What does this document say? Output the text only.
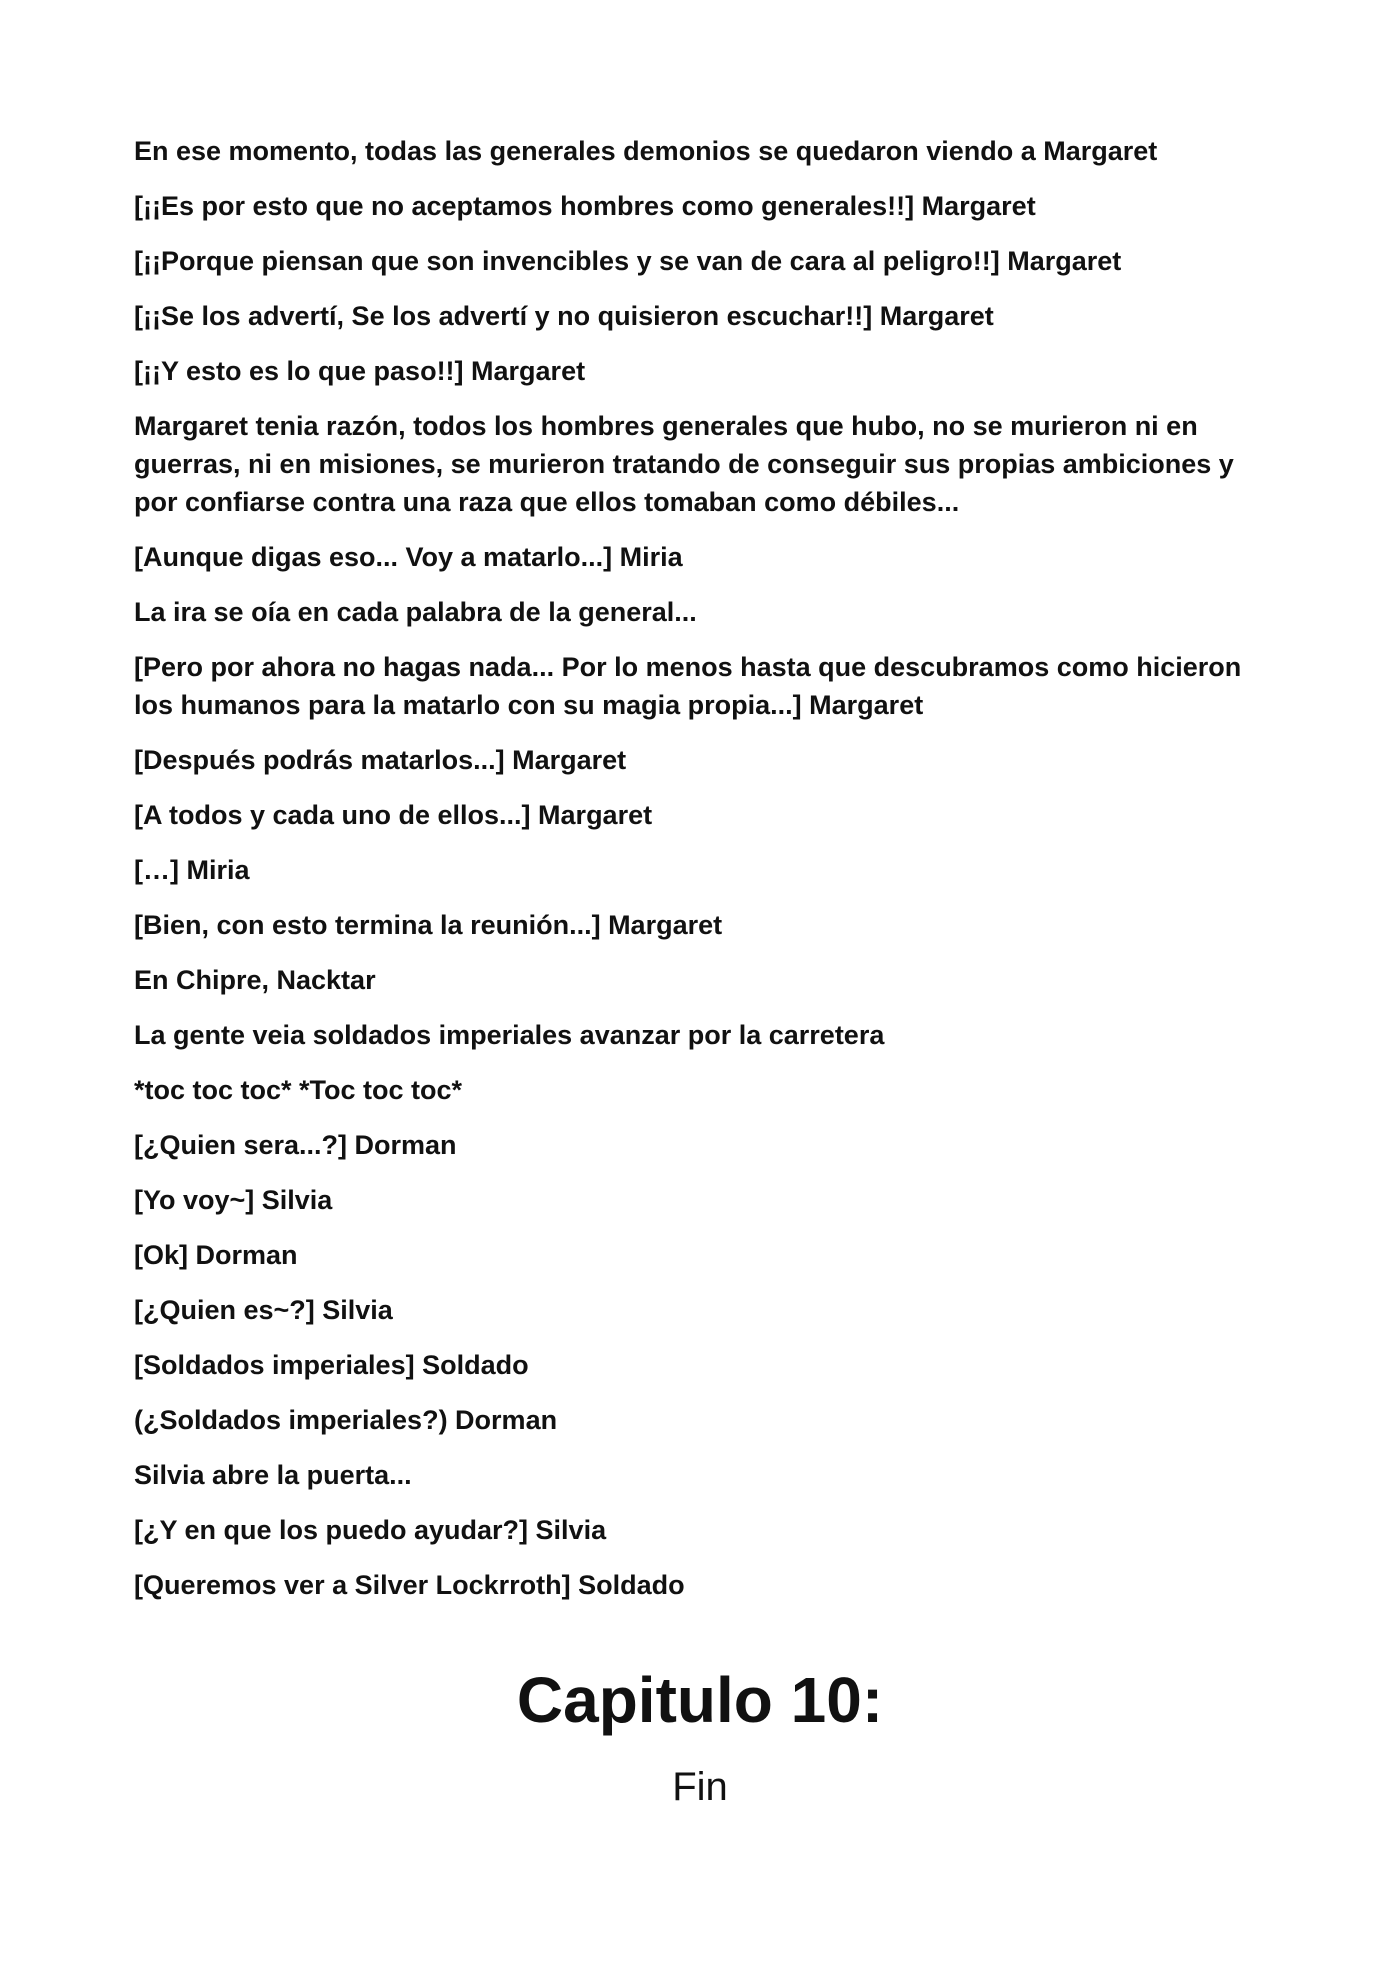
En ese momento, todas las generales demonios se quedaron viendo a Margaret

[¡¡Es por esto que no aceptamos hombres como generales!!] Margaret

[¡¡Porque piensan que son invencibles y se van de cara al peligro!!] Margaret

[¡¡Se los advertí, Se los advertí y no quisieron escuchar!!] Margaret

[¡¡Y esto es lo que paso!!] Margaret

Margaret tenia razón, todos los hombres generales que hubo, no se murieron ni en guerras, ni en misiones, se murieron tratando de conseguir sus propias ambiciones y por confiarse contra una raza que ellos tomaban como débiles...

[Aunque digas eso... Voy a matarlo...] Miria

La ira se oía en cada palabra de la general...

[Pero por ahora no hagas nada... Por lo menos hasta que descubramos como hicieron los humanos para la matarlo con su magia propia...] Margaret

[Después podrás matarlos...] Margaret

[A todos y cada uno de ellos...] Margaret

[…] Miria

[Bien, con esto termina la reunión...] Margaret

En Chipre, Nacktar

La gente veia soldados imperiales avanzar por la carretera

*toc toc toc* *Toc toc toc*

[¿Quien sera...?] Dorman

[Yo voy~] Silvia

[Ok] Dorman

[¿Quien es~?] Silvia

[Soldados imperiales] Soldado

(¿Soldados imperiales?) Dorman

Silvia abre la puerta...

[¿Y en que los puedo ayudar?] Silvia

[Queremos ver a Silver Lockrroth] Soldado

Capitulo 10:

Fin
